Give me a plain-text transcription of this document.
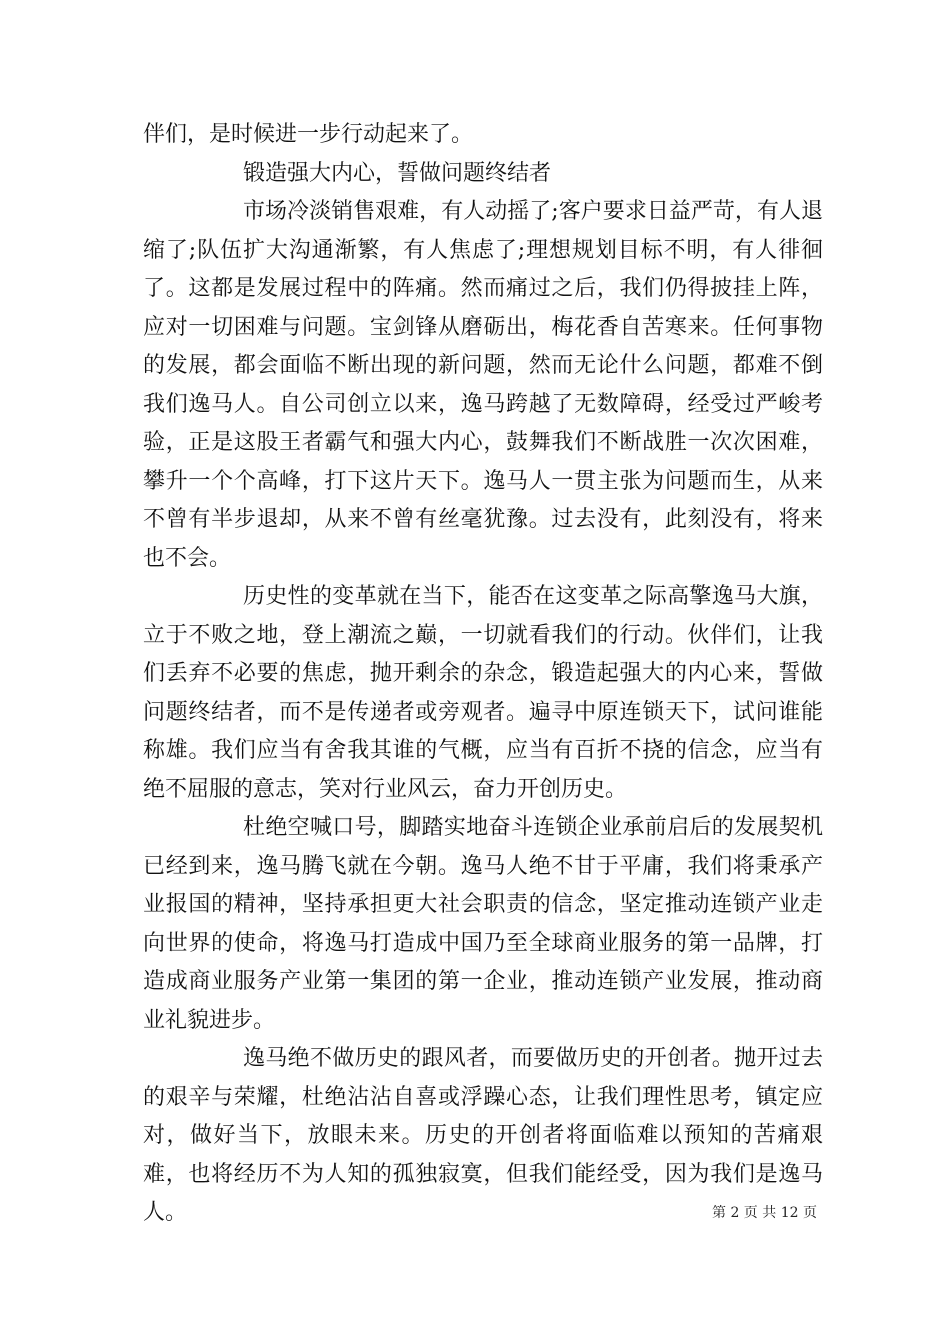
伴们，是时候进一步行动起来了。

锻造强大内心，誓做问题终结者

市场冷淡销售艰难，有人动摇了;客户要求日益严苛，有人退缩了;队伍扩大沟通渐繁，有人焦虑了;理想规划目标不明，有人徘徊了。这都是发展过程中的阵痛。然而痛过之后，我们仍得披挂上阵，应对一切困难与问题。宝剑锋从磨砺出，梅花香自苦寒来。任何事物的发展，都会面临不断出现的新问题，然而无论什么问题，都难不倒我们逸马人。自公司创立以来，逸马跨越了无数障碍，经受过严峻考验，正是这股王者霸气和强大内心，鼓舞我们不断战胜一次次困难，攀升一个个高峰，打下这片天下。逸马人一贯主张为问题而生，从来不曾有半步退却，从来不曾有丝毫犹豫。过去没有，此刻没有，将来也不会。

历史性的变革就在当下，能否在这变革之际高擎逸马大旗，立于不败之地，登上潮流之巅，一切就看我们的行动。伙伴们，让我们丢弃不必要的焦虑，抛开剩余的杂念，锻造起强大的内心来，誓做问题终结者，而不是传递者或旁观者。遍寻中原连锁天下，试问谁能称雄。我们应当有舍我其谁的气概，应当有百折不挠的信念，应当有绝不屈服的意志，笑对行业风云，奋力开创历史。

杜绝空喊口号，脚踏实地奋斗连锁企业承前启后的发展契机已经到来，逸马腾飞就在今朝。逸马人绝不甘于平庸，我们将秉承产业报国的精神，坚持承担更大社会职责的信念，坚定推动连锁产业走向世界的使命，将逸马打造成中国乃至全球商业服务的第一品牌，打造成商业服务产业第一集团的第一企业，推动连锁产业发展，推动商业礼貌进步。

逸马绝不做历史的跟风者，而要做历史的开创者。抛开过去的艰辛与荣耀，杜绝沾沾自喜或浮躁心态，让我们理性思考，镇定应对，做好当下，放眼未来。历史的开创者将面临难以预知的苦痛艰难，也将经历不为人知的孤独寂寞，但我们能经受，因为我们是逸马人。	第 2 页 共 12 页
